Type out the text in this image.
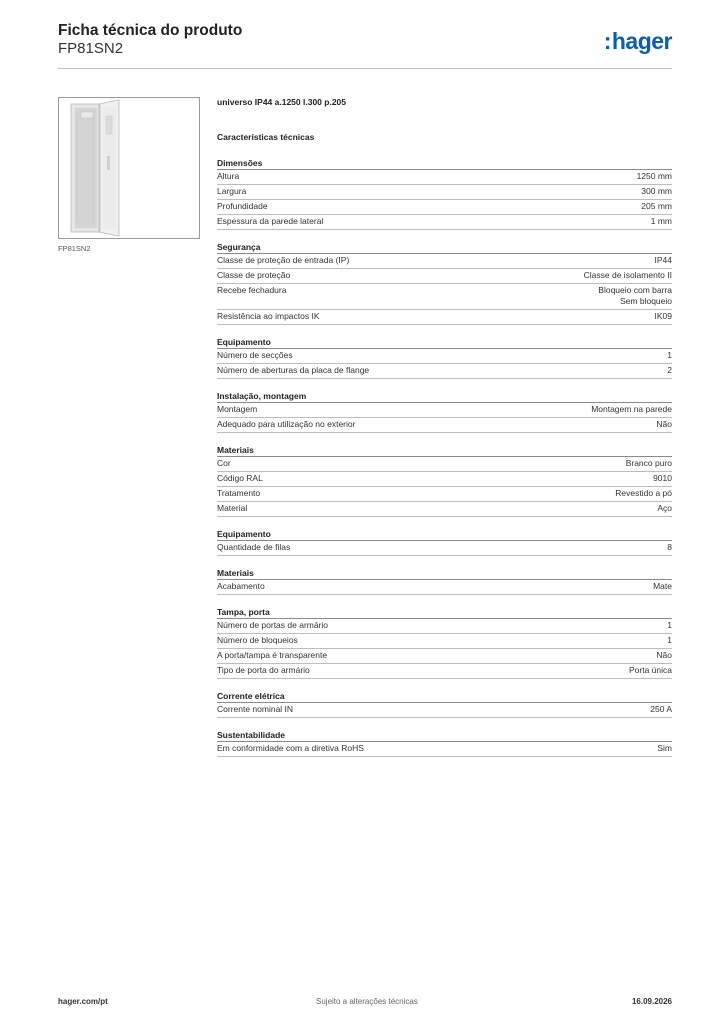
Ficha técnica do produto
FP81SN2	:hager
FP81SN2
universo IP44 a.1250 l.300 p.205
Características técnicas
Dimensões
Altura	1250 mm
Largura	300 mm
Profundidade	205 mm
Espessura da parede lateral	1 mm
Segurança
Classe de proteção de entrada (IP)	IP44
Classe de proteção	Classe de isolamento II
Recebe fechadura	Bloqueio com barra
Sem bloqueio
Resistência ao impactos IK	IK09
Equipamento
Número de secções	1
Número de aberturas da placa de flange	2
Instalação, montagem
Montagem	Montagem na parede
Adequado para utilização no exterior	Não
Materiais
Cor	Branco puro
Código RAL	9010
Tratamento	Revestido a pó
Material	Aço
Equipamento
Quantidade de filas	8
Materiais
Acabamento	Mate
Tampa, porta
Número de portas de armário	1
Número de bloqueios	1
A porta/tampa é transparente	Não
Tipo de porta do armário	Porta única
Corrente elétrica
Corrente nominal IN	250 A
Sustentabilidade
Em conformidade com a diretiva RoHS	Sim
hager.com/pt	Sujeito a alterações técnicas	16.09.2026
